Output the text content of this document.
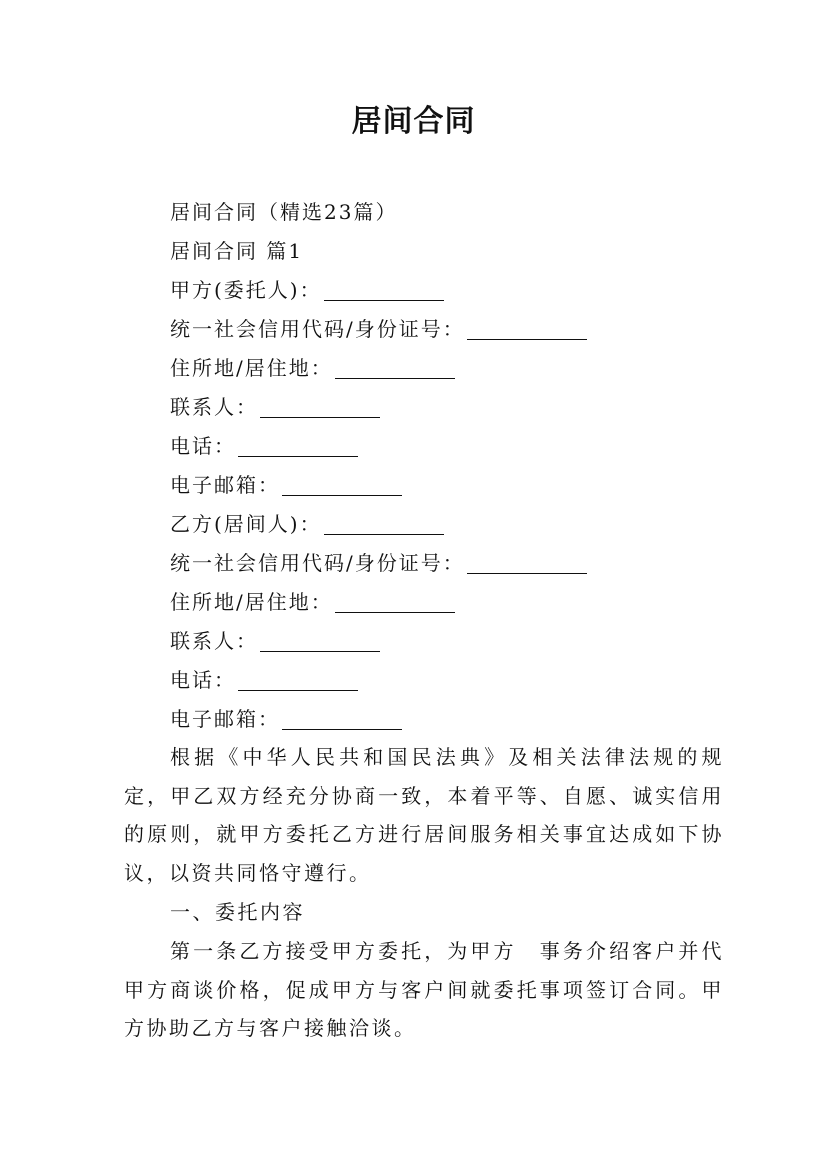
居间合同
居间合同（精选23篇）
居间合同 篇1
甲方(委托人)：
统一社会信用代码/身份证号：
住所地/居住地：
联系人：
电话：
电子邮箱：
乙方(居间人)：
统一社会信用代码/身份证号：
住所地/居住地：
联系人：
电话：
电子邮箱：
根据《中华人民共和国民法典》及相关法律法规的规定，甲乙双方经充分协商一致，本着平等、自愿、诚实信用的原则，就甲方委托乙方进行居间服务相关事宜达成如下协议，以资共同恪守遵行。
一、委托内容
第一条乙方接受甲方委托，为甲方　事务介绍客户并代甲方商谈价格，促成甲方与客户间就委托事项签订合同。甲方协助乙方与客户接触洽谈。
